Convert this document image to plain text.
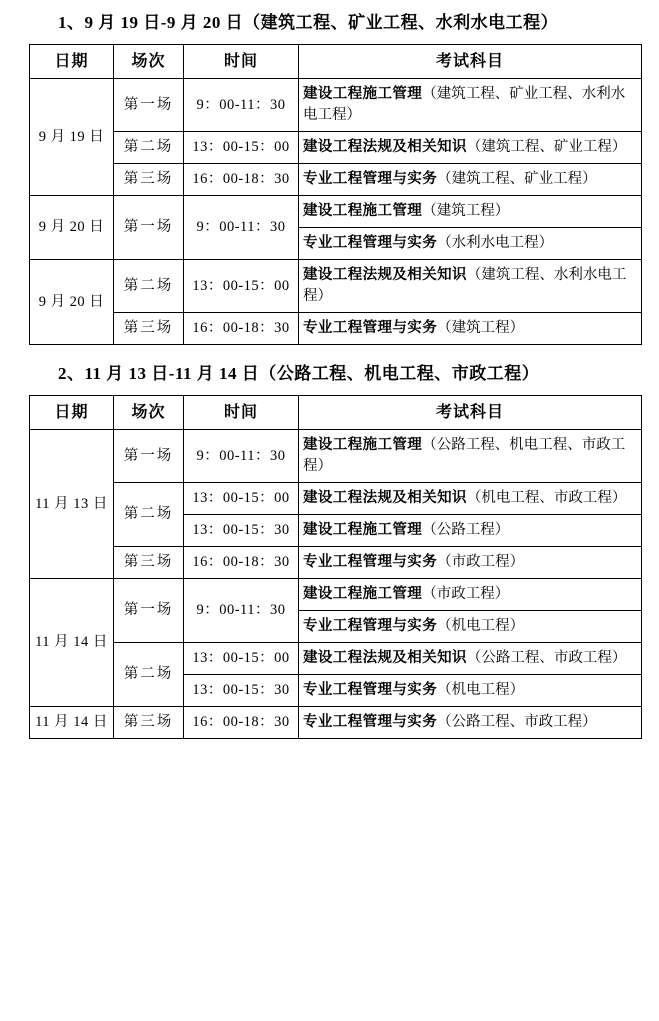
1、9 月 19 日-9 月 20 日（建筑工程、矿业工程、水利水电工程）

日期	场次	时间	考试科目
9 月 19 日	第一场	9：00-11：30	建设工程施工管理（建筑工程、矿业工程、水利水电工程）
	第二场	13：00-15：00	建设工程法规及相关知识（建筑工程、矿业工程）
	第三场	16：00-18：30	专业工程管理与实务（建筑工程、矿业工程）
9 月 20 日	第一场	9：00-11：30	建设工程施工管理（建筑工程）
			专业工程管理与实务（水利水电工程）
9 月 20 日	第二场	13：00-15：00	建设工程法规及相关知识（建筑工程、水利水电工程）
	第三场	16：00-18：30	专业工程管理与实务（建筑工程）

2、11 月 13 日-11 月 14 日（公路工程、机电工程、市政工程）

日期	场次	时间	考试科目
11 月 13 日	第一场	9：00-11：30	建设工程施工管理（公路工程、机电工程、市政工程）
	第二场	13：00-15：00	建设工程法规及相关知识（机电工程、市政工程）
		13：00-15：30	建设工程施工管理（公路工程）
	第三场	16：00-18：30	专业工程管理与实务（市政工程）
11 月 14 日	第一场	9：00-11：30	建设工程施工管理（市政工程）
			专业工程管理与实务（机电工程）
	第二场	13：00-15：00	建设工程法规及相关知识（公路工程、市政工程）
		13：00-15：30	专业工程管理与实务（机电工程）
11 月 14 日	第三场	16：00-18：30	专业工程管理与实务（公路工程、市政工程）
